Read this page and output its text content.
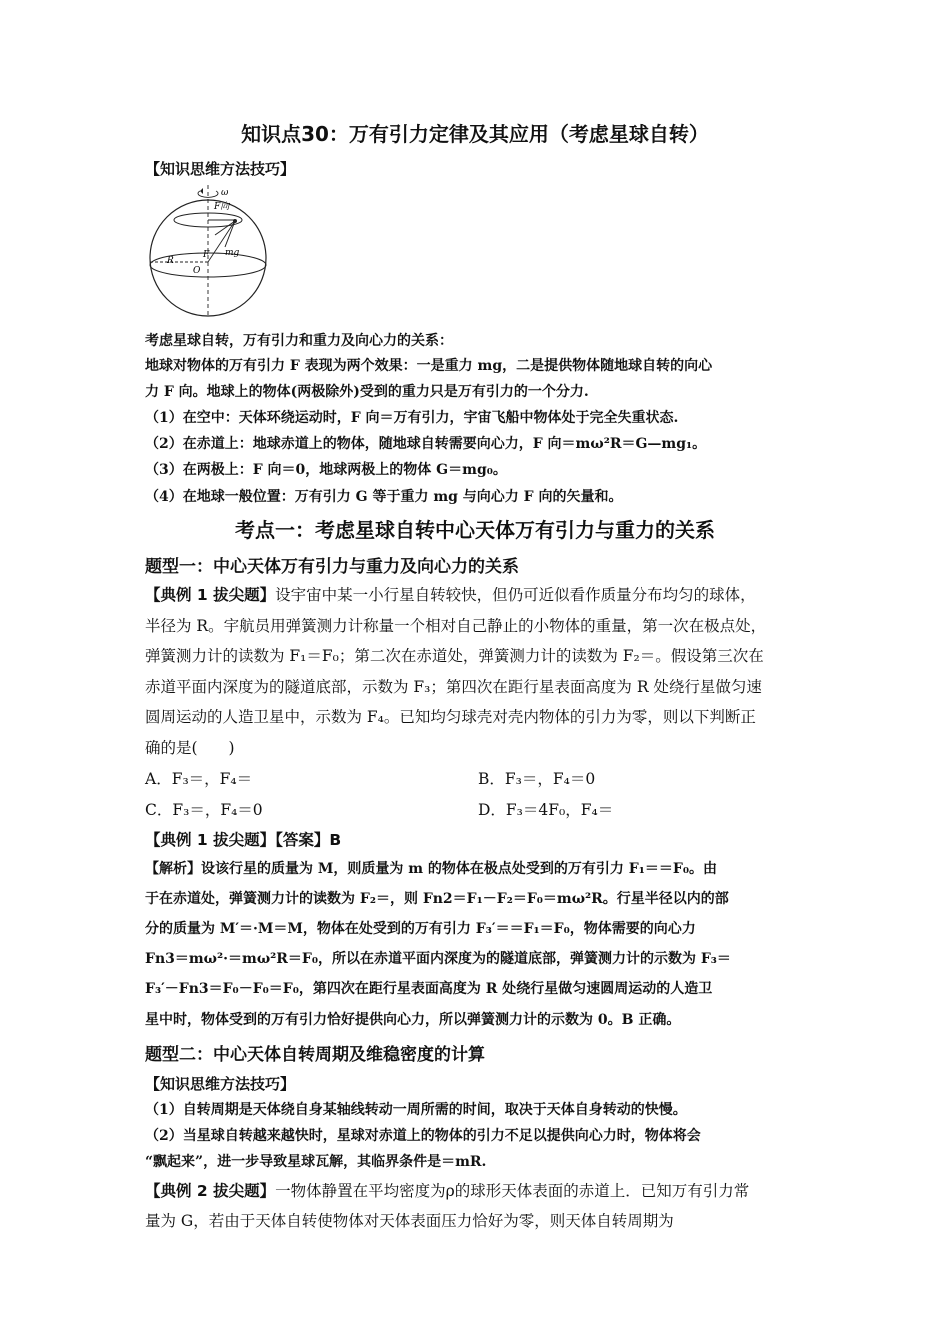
知识点30：万有引力定律及其应用（考虑星球自转）
【知识思维方法技巧】
ω
F向
F mg
R
O
考虑星球自转，万有引力和重力及向心力的关系：
地球对物体的万有引力 F 表现为两个效果：一是重力 mg，二是提供物体随地球自转的向心
力 F 向。地球上的物体(两极除外)受到的重力只是万有引力的一个分力.
（1）在空中：天体环绕运动时，F 向＝万有引力，宇宙飞船中物体处于完全失重状态.
（2）在赤道上：地球赤道上的物体，随地球自转需要向心力，F 向＝mω²R＝G—mg₁。
（3）在两极上：F 向＝0，地球两极上的物体 G＝mg₀。
（4）在地球一般位置：万有引力 G 等于重力 mg 与向心力 F 向的矢量和。
考点一：考虑星球自转中心天体万有引力与重力的关系
题型一：中心天体万有引力与重力及向心力的关系
【典例 1 拔尖题】设宇宙中某一小行星自转较快，但仍可近似看作质量分布均匀的球体，
半径为 R。宇航员用弹簧测力计称量一个相对自己静止的小物体的重量，第一次在极点处，
弹簧测力计的读数为 F₁＝F₀；第二次在赤道处，弹簧测力计的读数为 F₂＝。假设第三次在
赤道平面内深度为的隧道底部，示数为 F₃；第四次在距行星表面高度为 R 处绕行星做匀速
圆周运动的人造卫星中，示数为 F₄。已知均匀球壳对壳内物体的引力为零，则以下判断正
确的是(　　)
A．F₃＝，F₄＝	B．F₃＝，F₄＝0
C．F₃＝，F₄＝0	D．F₃＝4F₀，F₄＝
【典例 1 拔尖题】【答案】B
【解析】设该行星的质量为 M，则质量为 m 的物体在极点处受到的万有引力 F₁＝＝F₀。由
于在赤道处，弹簧测力计的读数为 F₂＝，则 Fn2＝F₁－F₂＝F₀＝mω²R。行星半径以内的部
分的质量为 M′＝·M＝M，物体在处受到的万有引力 F₃′＝＝F₁＝F₀，物体需要的向心力
Fn3＝mω²·＝mω²R＝F₀，所以在赤道平面内深度为的隧道底部，弹簧测力计的示数为 F₃＝
F₃′－Fn3＝F₀－F₀＝F₀，第四次在距行星表面高度为 R 处绕行星做匀速圆周运动的人造卫
星中时，物体受到的万有引力恰好提供向心力，所以弹簧测力计的示数为 0。B 正确。
题型二：中心天体自转周期及维稳密度的计算
【知识思维方法技巧】
（1）自转周期是天体绕自身某轴线转动一周所需的时间，取决于天体自身转动的快慢。
（2）当星球自转越来越快时，星球对赤道上的物体的引力不足以提供向心力时，物体将会
“飘起来”，进一步导致星球瓦解，其临界条件是＝mR.
【典例 2 拔尖题】一物体静置在平均密度为ρ的球形天体表面的赤道上．已知万有引力常
量为 G，若由于天体自转使物体对天体表面压力恰好为零，则天体自转周期为
